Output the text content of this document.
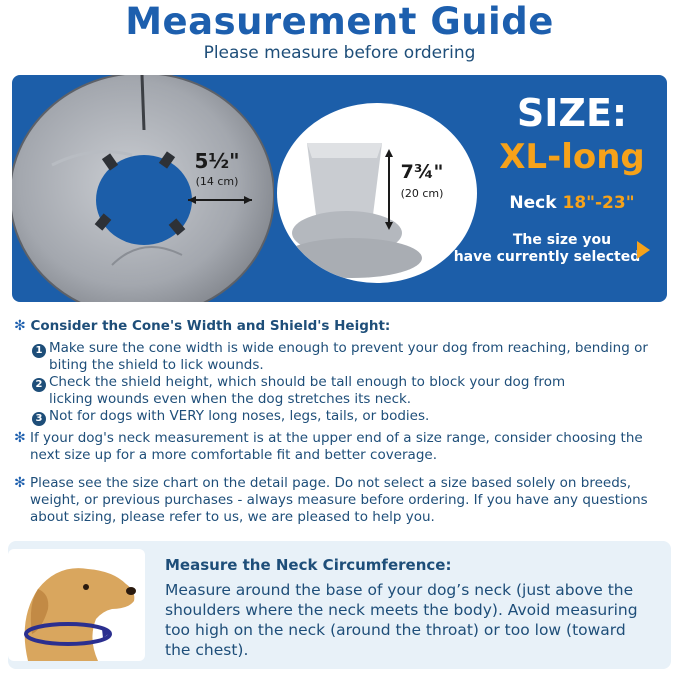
Measurement Guide
Please measure before ordering
5½"
(14 cm)	7¾"
(20 cm)
SIZE:
XL-long
Neck 18"-23"
The size you
have currently selected
✻ Consider the Cone's Width and Shield's Height:
1 Make sure the cone width is wide enough to prevent your dog from reaching, bending or
biting the shield to lick wounds.
2 Check the shield height, which should be tall enough to block your dog from
licking wounds even when the dog stretches its neck.
3 Not for dogs with VERY long noses, legs, tails, or bodies.
✻ If your dog's neck measurement is at the upper end of a size range, consider choosing the
next size up for a more comfortable fit and better coverage.
✻ Please see the size chart on the detail page. Do not select a size based solely on breeds,
weight, or previous purchases - always measure before ordering. If you have any questions
about sizing, please refer to us, we are pleased to help you.
Measure the Neck Circumference:
Measure around the base of your dog’s neck (just above the
shoulders where the neck meets the body). Avoid measuring
too high on the neck (around the throat) or too low (toward
the chest).
